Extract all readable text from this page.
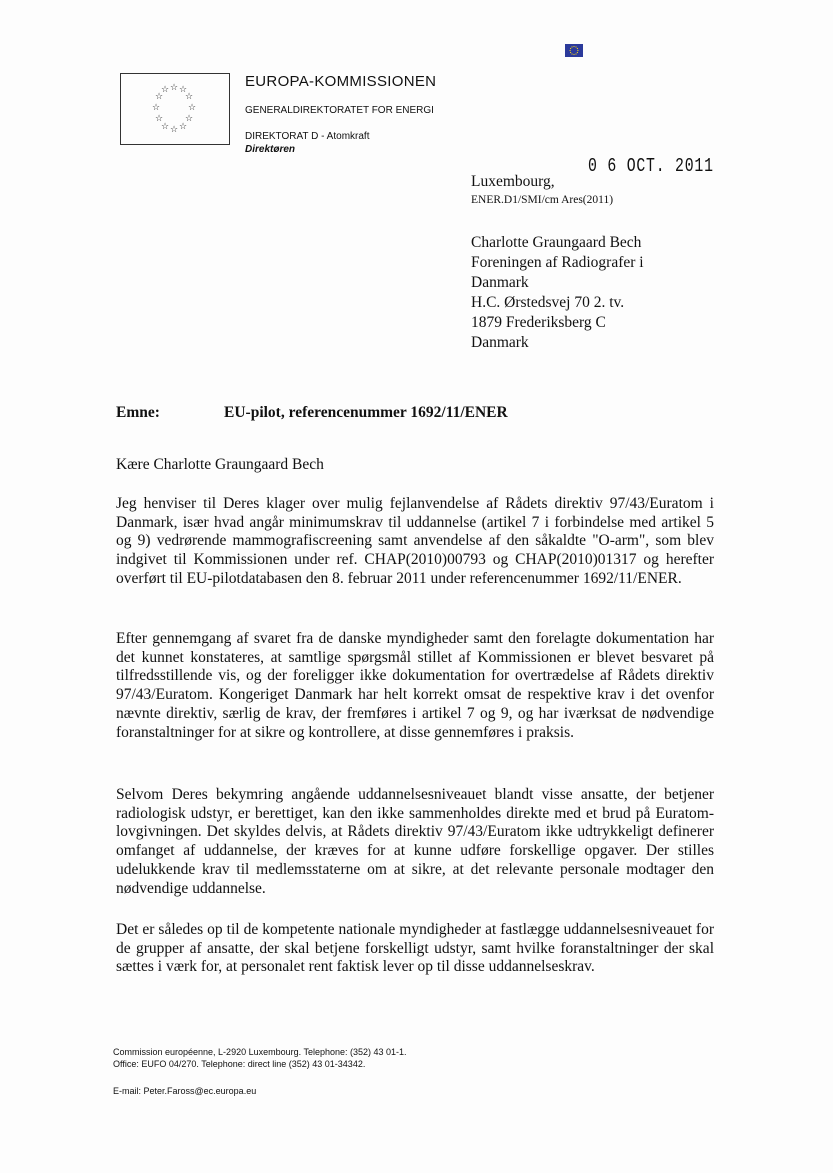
☆ ☆
☆
☆
☆
☆
☆
☆
☆
☆
☆ ☆
EUROPA-KOMMISSIONEN
GENERALDIREKTORATET FOR ENERGI
DIREKTORAT D - Atomkraft
Direktøren
0 6 OCT. 2011
Luxembourg,
ENER.D1/SMI/cm Ares(2011)
Charlotte Graungaard Bech
Foreningen af Radiografer i
Danmark
H.C. Ørstedsvej 70 2. tv.
1879 Frederiksberg C
Danmark
Emne:	EU-pilot, referencenummer 1692/11/ENER
Kære Charlotte Graungaard Bech

Jeg henviser til Deres klager over mulig fejlanvendelse af Rådets direktiv 97/43/Euratom i Danmark, især hvad angår minimumskrav til uddannelse (artikel 7 i forbindelse med artikel 5 og 9) vedrørende mammografiscreening samt anvendelse af den såkaldte "O-arm", som blev indgivet til Kommissionen under ref. CHAP(2010)00793 og CHAP(2010)01317 og herefter overført til EU-pilotdatabasen den 8. februar 2011 under referencenummer 1692/11/ENER.

Efter gennemgang af svaret fra de danske myndigheder samt den forelagte dokumentation har det kunnet konstateres, at samtlige spørgsmål stillet af Kommissionen er blevet besvaret på tilfredsstillende vis, og der foreligger ikke dokumentation for overtrædelse af Rådets direktiv 97/43/Euratom. Kongeriget Danmark har helt korrekt omsat de respektive krav i det ovenfor nævnte direktiv, særlig de krav, der fremføres i artikel 7 og 9, og har iværksat de nødvendige foranstaltninger for at sikre og kontrollere, at disse gennemføres i praksis.

Selvom Deres bekymring angående uddannelsesniveauet blandt visse ansatte, der betjener radiologisk udstyr, er berettiget, kan den ikke sammenholdes direkte med et brud på Euratom-lovgivningen. Det skyldes delvis, at Rådets direktiv 97/43/Euratom ikke udtrykkeligt definerer omfanget af uddannelse, der kræves for at kunne udføre forskellige opgaver. Der stilles udelukkende krav til medlemsstaterne om at sikre, at det relevante personale modtager den nødvendige uddannelse.

Det er således op til de kompetente nationale myndigheder at fastlægge uddannelsesniveauet for de grupper af ansatte, der skal betjene forskelligt udstyr, samt hvilke foranstaltninger der skal sættes i værk for, at personalet rent faktisk lever op til disse uddannelseskrav.

Commission européenne, L-2920 Luxembourg. Telephone: (352) 43 01-1.
Office: EUFO 04/270. Telephone: direct line (352) 43 01-34342.
E-mail: Peter.Faross@ec.europa.eu
